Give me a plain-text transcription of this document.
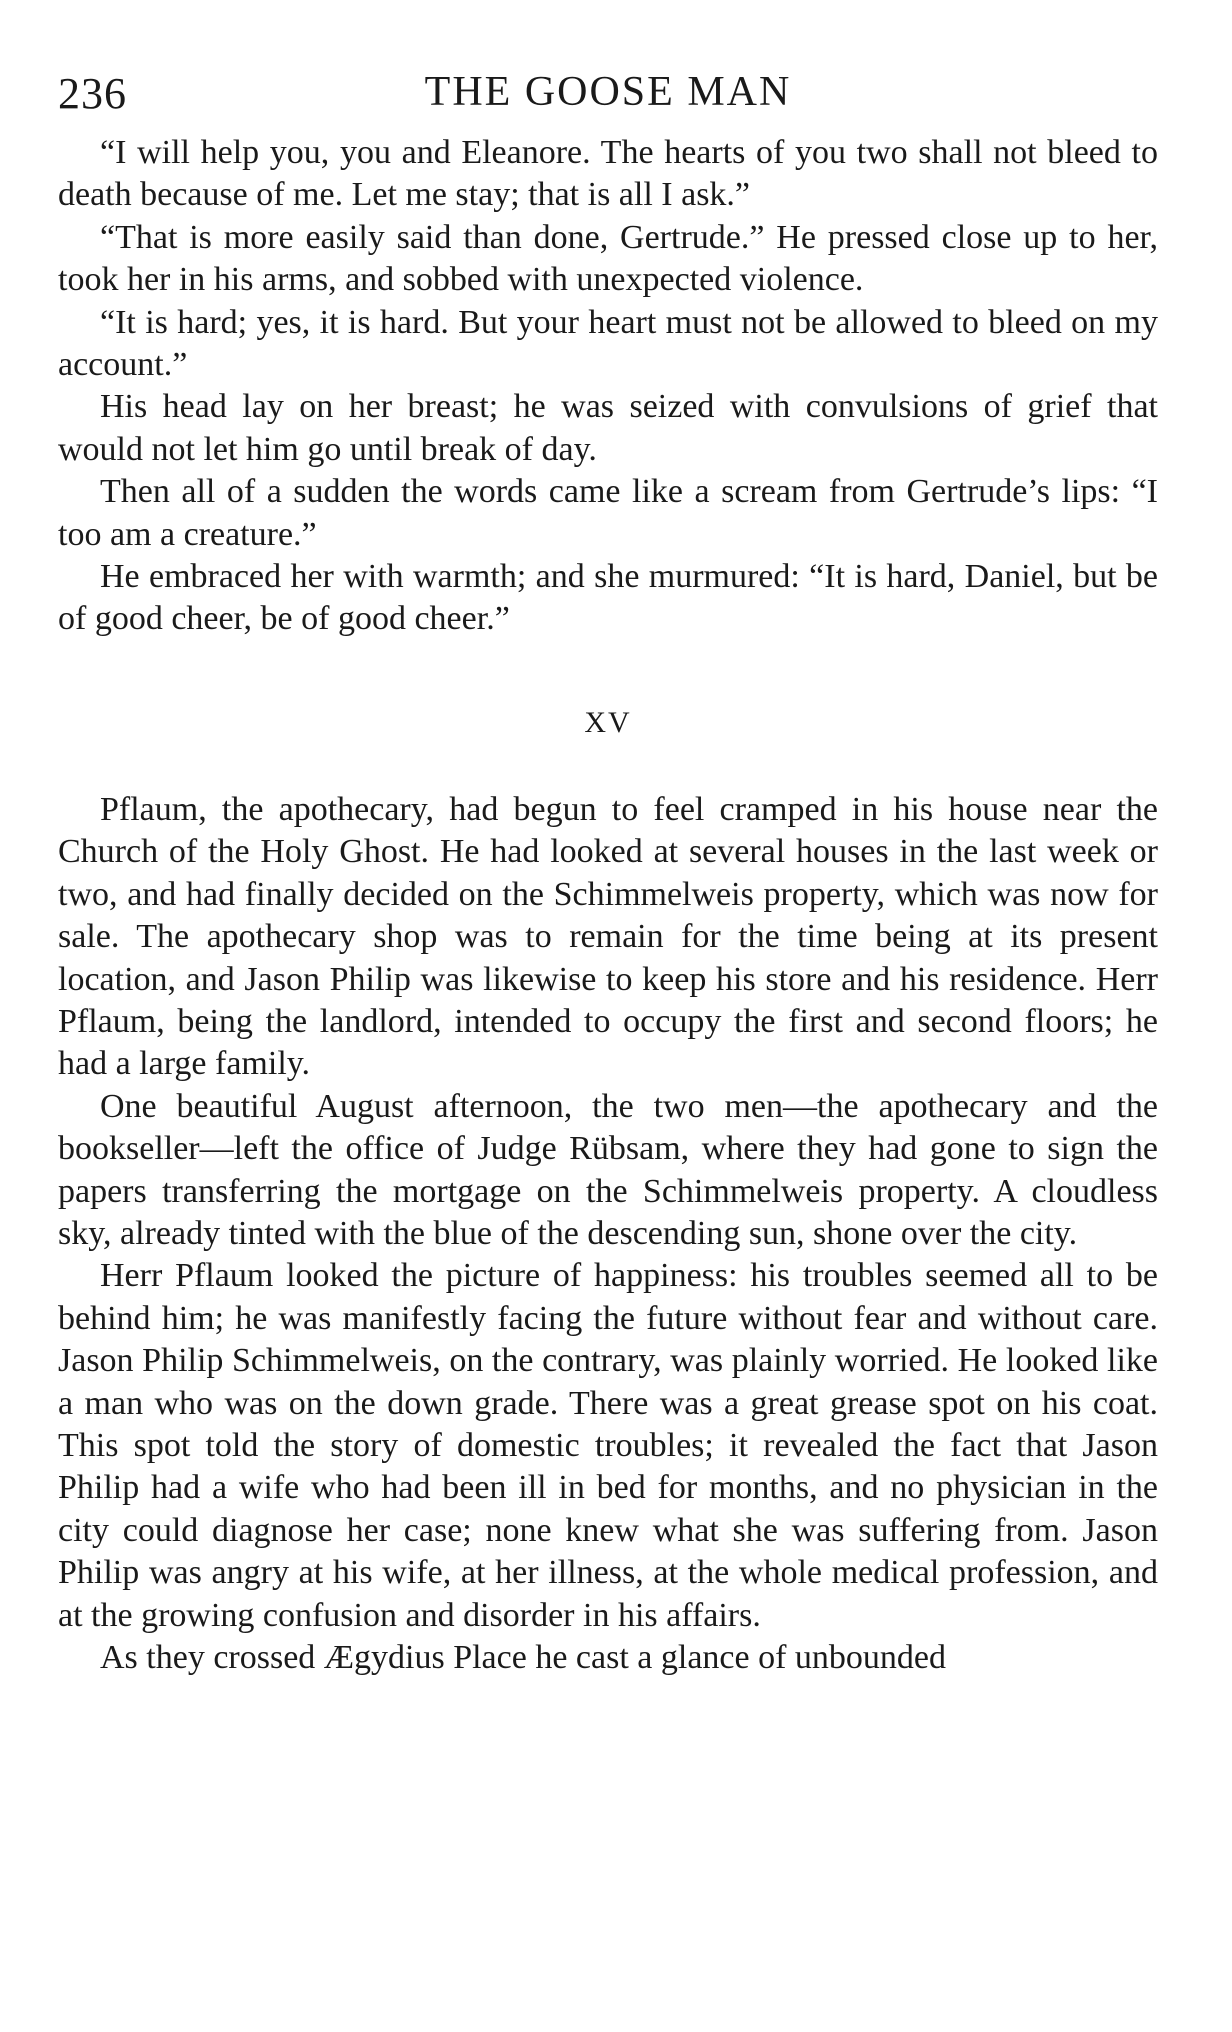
236	THE GOOSE MAN

“I will help you, you and Eleanore. The hearts of you two shall not bleed to death because of me. Let me stay; that is all I ask.”

“That is more easily said than done, Gertrude.” He pressed close up to her, took her in his arms, and sobbed with unexpected violence.

“It is hard; yes, it is hard. But your heart must not be allowed to bleed on my account.”

His head lay on her breast; he was seized with convulsions of grief that would not let him go until break of day.

Then all of a sudden the words came like a scream from Gertrude’s lips: “I too am a creature.”

He embraced her with warmth; and she murmured: “It is hard, Daniel, but be of good cheer, be of good cheer.”

XV

Pflaum, the apothecary, had begun to feel cramped in his house near the Church of the Holy Ghost. He had looked at several houses in the last week or two, and had finally decided on the Schimmelweis property, which was now for sale. The apothecary shop was to remain for the time being at its present location, and Jason Philip was likewise to keep his store and his residence. Herr Pflaum, being the landlord, intended to occupy the first and second floors; he had a large family.

One beautiful August afternoon, the two men—the apothecary and the bookseller—left the office of Judge Rübsam, where they had gone to sign the papers transferring the mortgage on the Schimmelweis property. A cloudless sky, already tinted with the blue of the descending sun, shone over the city.

Herr Pflaum looked the picture of happiness: his troubles seemed all to be behind him; he was manifestly facing the future without fear and without care. Jason Philip Schimmelweis, on the contrary, was plainly worried. He looked like a man who was on the down grade. There was a great grease spot on his coat. This spot told the story of domestic troubles; it revealed the fact that Jason Philip had a wife who had been ill in bed for months, and no physician in the city could diagnose her case; none knew what she was suffering from. Jason Philip was angry at his wife, at her illness, at the whole medical profession, and at the growing confusion and disorder in his affairs.

As they crossed Ægydius Place he cast a glance of unbounded
